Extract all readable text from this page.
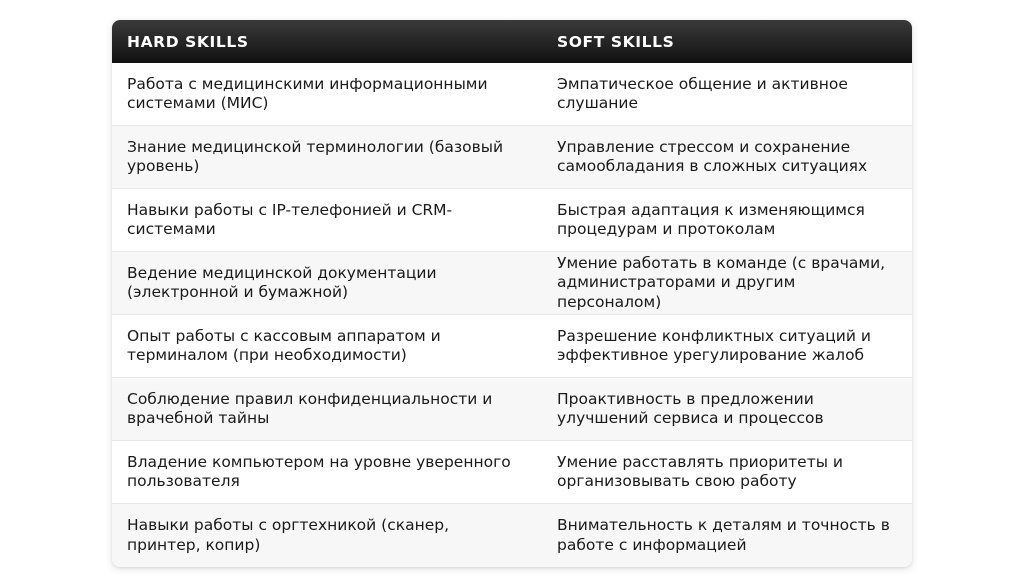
HARD SKILLS	SOFT SKILLS
Работа с медицинскими информационными системами (МИС)	Эмпатическое общение и активное слушание
Знание медицинской терминологии (базовый уровень)	Управление стрессом и сохранение самообладания в сложных ситуациях
Навыки работы с IP-телефонией и CRM-системами	Быстрая адаптация к изменяющимся процедурам и протоколам
Ведение медицинской документации (электронной и бумажной)	Умение работать в команде (с врачами, администраторами и другим персоналом)
Опыт работы с кассовым аппаратом и терминалом (при необходимости)	Разрешение конфликтных ситуаций и эффективное урегулирование жалоб
Соблюдение правил конфиденциальности и врачебной тайны	Проактивность в предложении улучшений сервиса и процессов
Владение компьютером на уровне уверенного пользователя	Умение расставлять приоритеты и организовывать свою работу
Навыки работы с оргтехникой (сканер, принтер, копир)	Внимательность к деталям и точность в работе с информацией
